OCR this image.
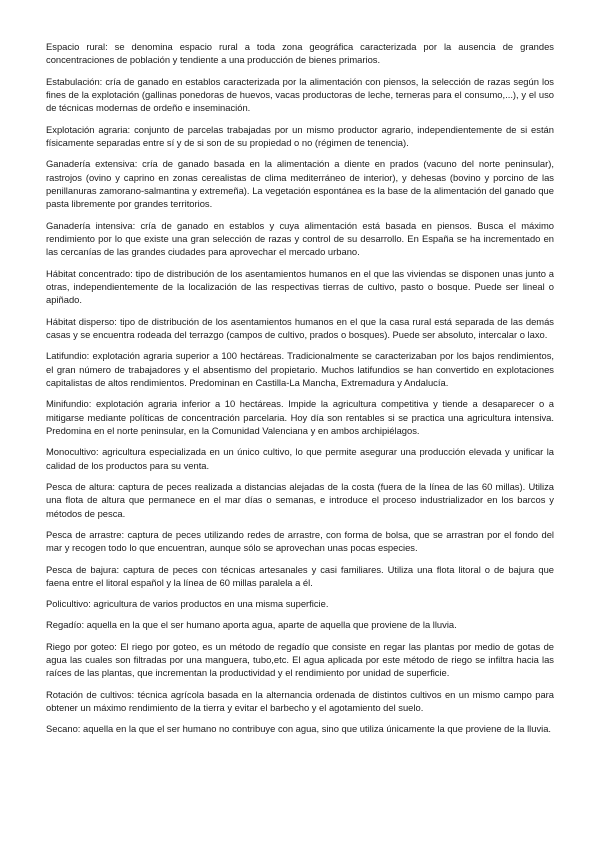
Espacio rural: se denomina espacio rural a toda zona geográfica caracterizada por la ausencia de grandes concentraciones de población y tendiente a una producción de bienes primarios.

Estabulación: cría de ganado en establos caracterizada por la alimentación con piensos, la selección de razas según los fines de la explotación (gallinas ponedoras de huevos, vacas productoras de leche, terneras para el consumo,...), y el uso de técnicas modernas de ordeño e inseminación.

Explotación agraria: conjunto de parcelas trabajadas por un mismo productor agrario, independientemente de si están físicamente separadas entre sí y de si son de su propiedad o no (régimen de tenencia).

Ganadería extensiva: cría de ganado basada en la alimentación a diente en prados (vacuno del norte peninsular), rastrojos (ovino y caprino en zonas cerealistas de clima mediterráneo de interior), y dehesas (bovino y porcino de las penillanuras zamorano-salmantina y extremeña). La vegetación espontánea es la base de la alimentación del ganado que pasta libremente por grandes territorios.

Ganadería intensiva: cría de ganado en establos y cuya alimentación está basada en piensos. Busca el máximo rendimiento por lo que existe una gran selección de razas y control de su desarrollo. En España se ha incrementado en las cercanías de las grandes ciudades para aprovechar el mercado urbano.

Hábitat concentrado: tipo de distribución de los asentamientos humanos en el que las viviendas se disponen unas junto a otras, independientemente de la localización de las respectivas tierras de cultivo, pasto o bosque. Puede ser lineal o apiñado.

Hábitat disperso: tipo de distribución de los asentamientos humanos en el que la casa rural está separada de las demás casas y se encuentra rodeada del terrazgo (campos de cultivo, prados o bosques). Puede ser absoluto, intercalar o laxo.

Latifundio: explotación agraria superior a 100 hectáreas. Tradicionalmente se caracterizaban por los bajos rendimientos, el gran número de trabajadores y el absentismo del propietario. Muchos latifundios se han convertido en explotaciones capitalistas de altos rendimientos. Predominan en Castilla-La Mancha, Extremadura y Andalucía.

Minifundio: explotación agraria inferior a 10 hectáreas. Impide la agricultura competitiva y tiende a desaparecer o a mitigarse mediante políticas de concentración parcelaria. Hoy día son rentables si se practica una agricultura intensiva. Predomina en el norte peninsular, en la Comunidad Valenciana y en ambos archipiélagos.

Monocultivo: agricultura especializada en un único cultivo, lo que permite asegurar una producción elevada y unificar la calidad de los productos para su venta.

Pesca de altura: captura de peces realizada a distancias alejadas de la costa (fuera de la línea de las 60 millas). Utiliza una flota de altura que permanece en el mar días o semanas, e introduce el proceso industrializador en los barcos y métodos de pesca.

Pesca de arrastre: captura de peces utilizando redes de arrastre, con forma de bolsa, que se arrastran por el fondo del mar y recogen todo lo que encuentran, aunque sólo se aprovechan unas pocas especies.

Pesca de bajura: captura de peces con técnicas artesanales y casi familiares. Utiliza una flota litoral o de bajura que faena entre el litoral español y la línea de 60 millas paralela a él.

Policultivo: agricultura de varios productos en una misma superficie.

Regadío: aquella en la que el ser humano aporta agua, aparte de aquella que proviene de la lluvia.

Riego por goteo: El riego por goteo, es un método de regadío que consiste en regar las plantas por medio de gotas de agua las cuales son filtradas por una manguera, tubo,etc. El agua aplicada por este método de riego se infiltra hacia las raíces de las plantas, que incrementan la productividad y el rendimiento por unidad de superficie.

Rotación de cultivos: técnica agrícola basada en la alternancia ordenada de distintos cultivos en un mismo campo para obtener un máximo rendimiento de la tierra y evitar el barbecho y el agotamiento del suelo.

Secano: aquella en la que el ser humano no contribuye con agua, sino que utiliza únicamente la que proviene de la lluvia.
